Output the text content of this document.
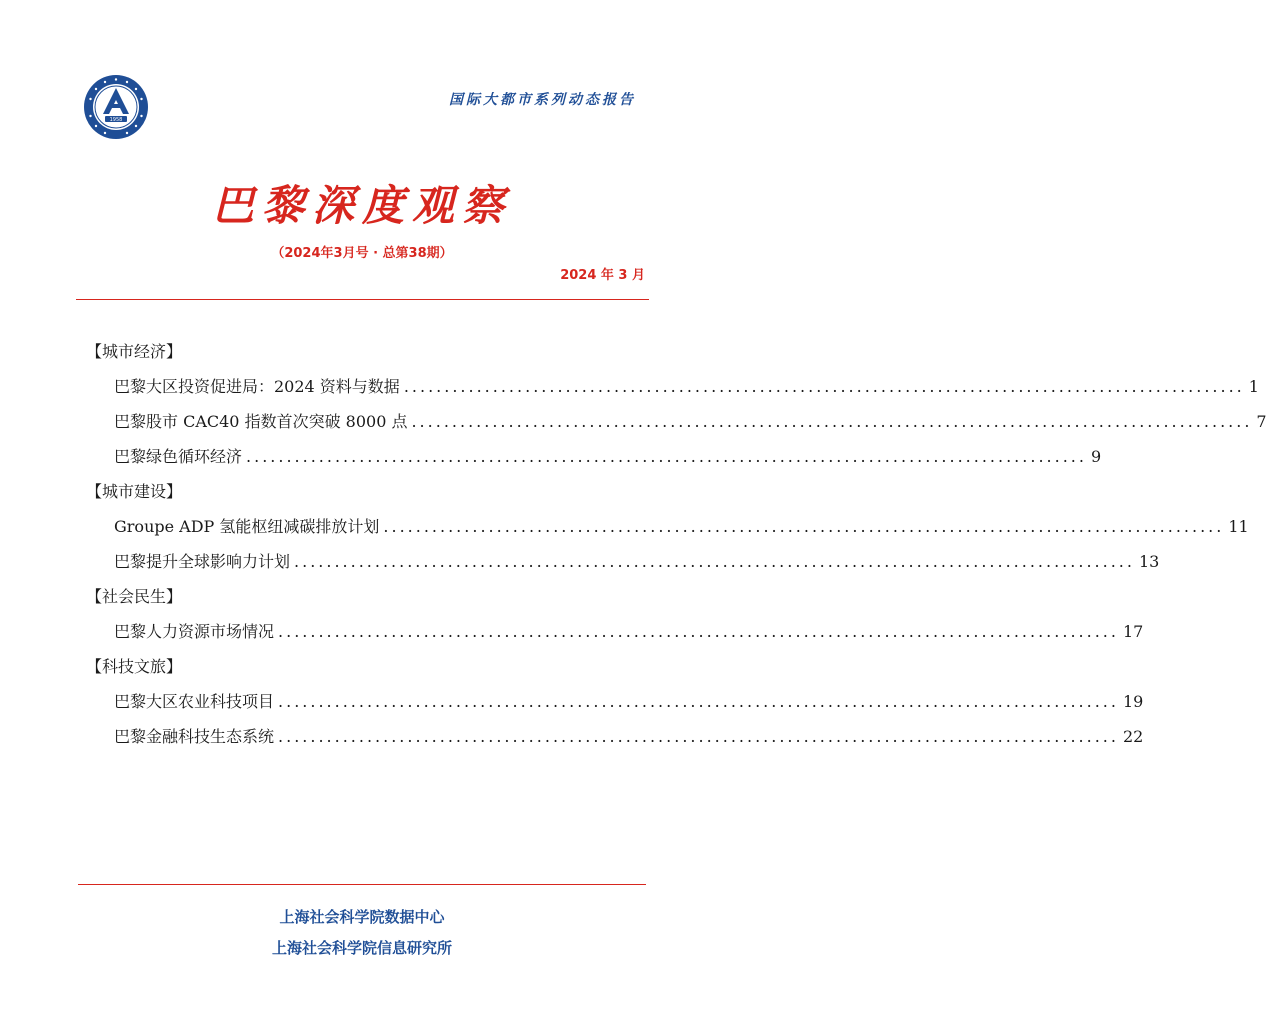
1958
国际大都市系列动态报告
巴黎深度观察
（2024年3月号 · 总第38期）
2024 年 3 月
【城市经济】
巴黎大区投资促进局：2024 资料与数据 ........................................................................................................ 1
巴黎股市 CAC40 指数首次突破 8000 点 ........................................................................................................ 7
巴黎绿色循环经济 ........................................................................................................ 9
【城市建设】
Groupe ADP 氢能枢纽减碳排放计划 ........................................................................................................ 11
巴黎提升全球影响力计划 ........................................................................................................ 13
【社会民生】
巴黎人力资源市场情况 ........................................................................................................ 17
【科技文旅】
巴黎大区农业科技项目 ........................................................................................................ 19
巴黎金融科技生态系统 ........................................................................................................ 22
上海社会科学院数据中心
上海社会科学院信息研究所
